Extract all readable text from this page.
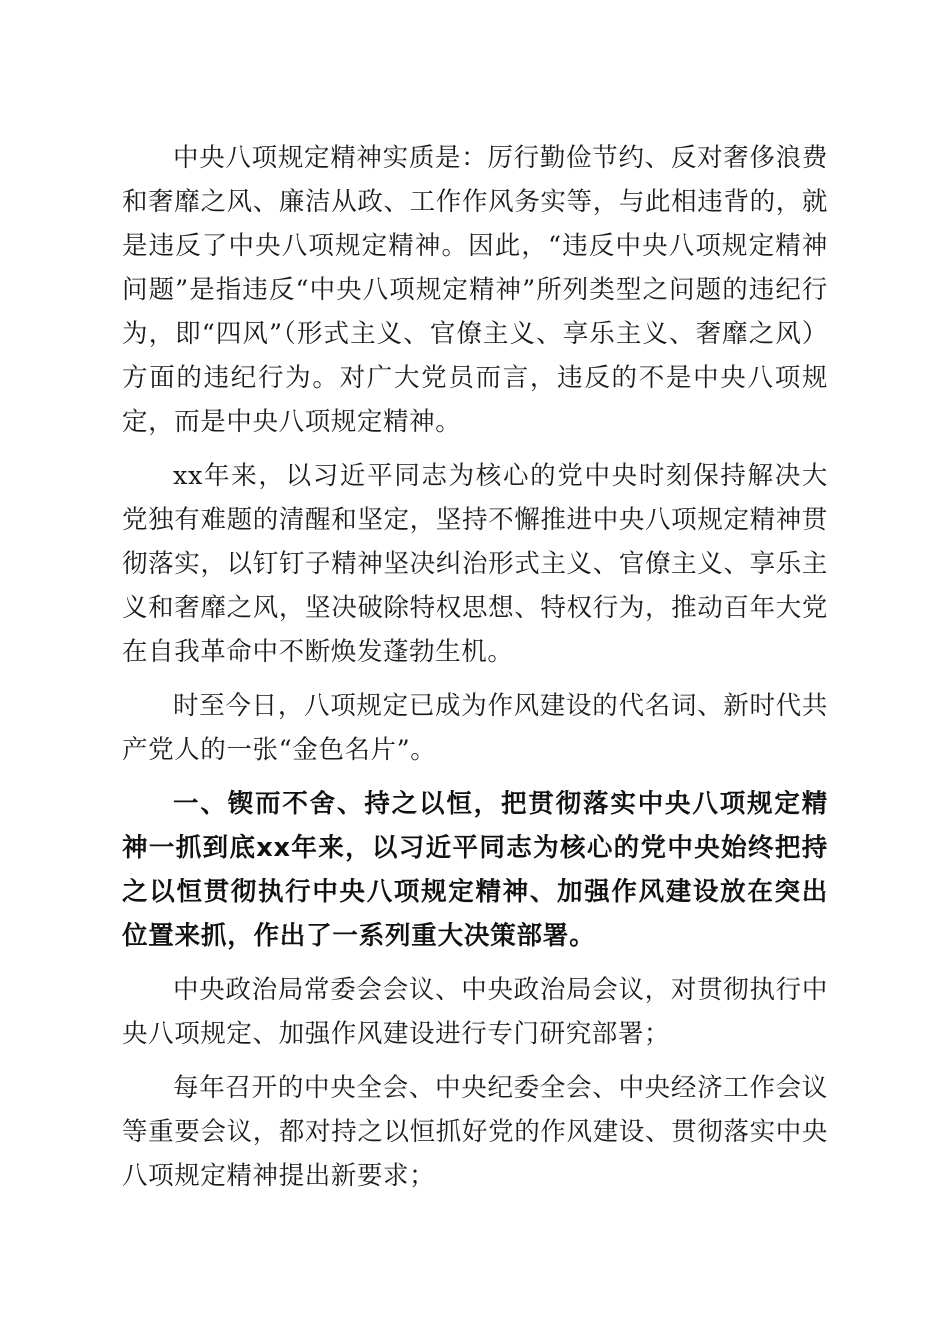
中央八项规定精神实质是：厉行勤俭节约、反对奢侈浪费和奢靡之风、廉洁从政、工作作风务实等，与此相违背的，就是违反了中央八项规定精神。因此，“违反中央八项规定精神问题”是指违反“中央八项规定精神”所列类型之问题的违纪行为，即“四风”（形式主义、官僚主义、享乐主义、奢靡之风）方面的违纪行为。对广大党员而言，违反的不是中央八项规定，而是中央八项规定精神。

xx年来，以习近平同志为核心的党中央时刻保持解决大党独有难题的清醒和坚定，坚持不懈推进中央八项规定精神贯彻落实，以钉钉子精神坚决纠治形式主义、官僚主义、享乐主义和奢靡之风，坚决破除特权思想、特权行为，推动百年大党在自我革命中不断焕发蓬勃生机。

时至今日，八项规定已成为作风建设的代名词、新时代共产党人的一张“金色名片”。

一、锲而不舍、持之以恒，把贯彻落实中央八项规定精神一抓到底xx年来，以习近平同志为核心的党中央始终把持之以恒贯彻执行中央八项规定精神、加强作风建设放在突出位置来抓，作出了一系列重大决策部署。

中央政治局常委会会议、中央政治局会议，对贯彻执行中央八项规定、加强作风建设进行专门研究部署；

每年召开的中央全会、中央纪委全会、中央经济工作会议等重要会议，都对持之以恒抓好党的作风建设、贯彻落实中央八项规定精神提出新要求；
